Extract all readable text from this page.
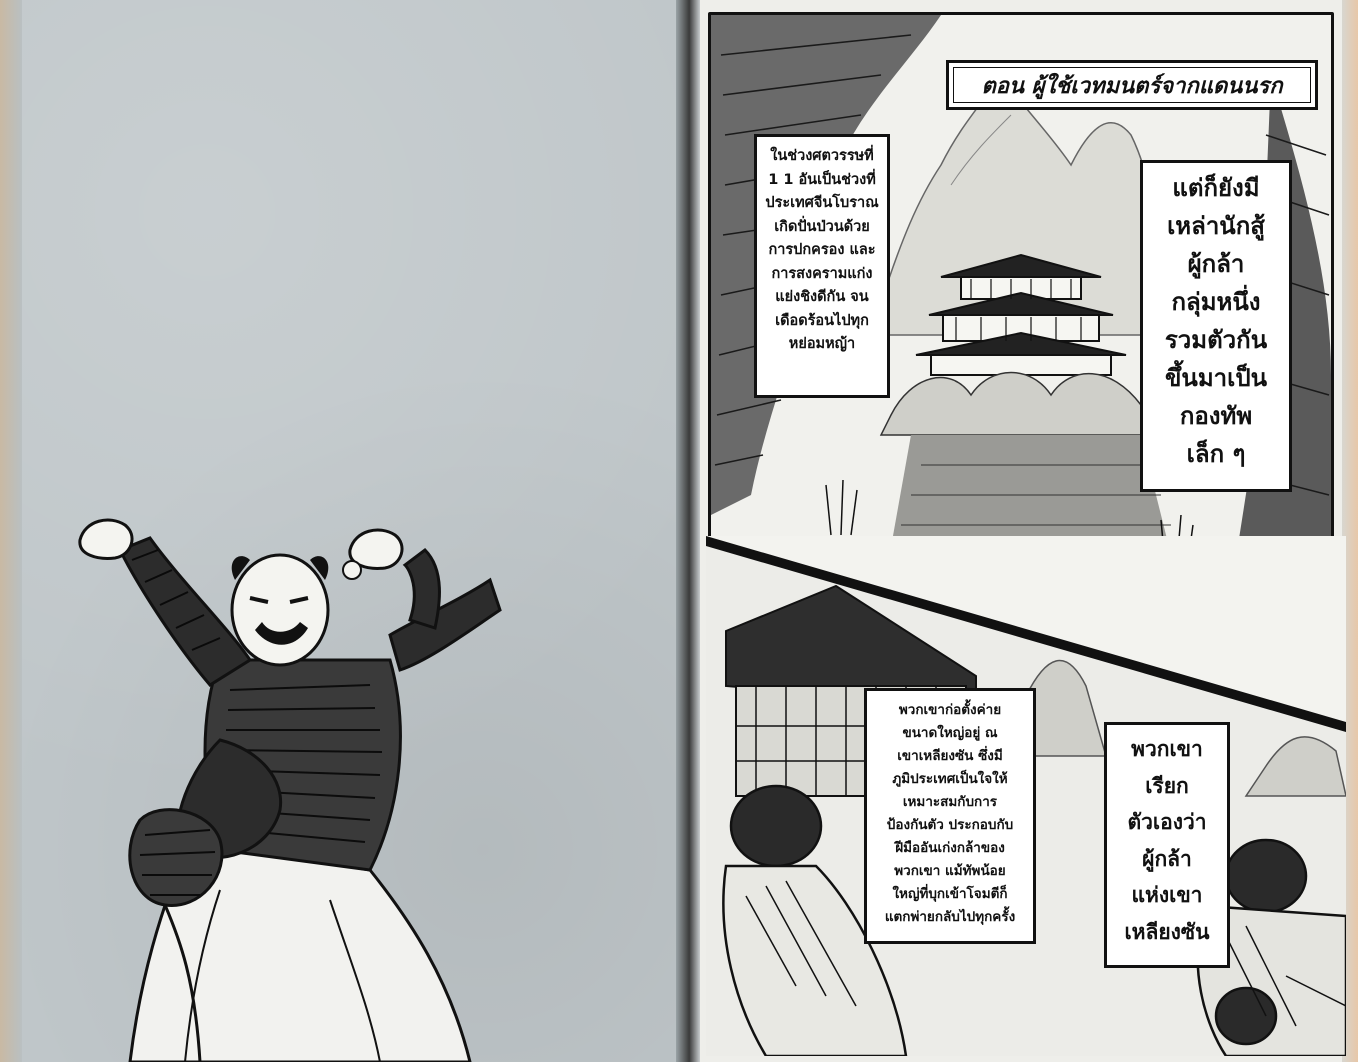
ตอน ผู้ใช้เวทมนตร์จากแดนนรก
ในช่วงศตวรรษที่
1 1 อันเป็นช่วงที่
ประเทศจีนโบราณ
เกิดปั่นป่วนด้วย
การปกครอง และ
การสงครามแก่ง
แย่งชิงดีกัน จน
เดือดร้อนไปทุก
หย่อมหญ้า
แต่ก็ยังมี
เหล่านักสู้
ผู้กล้า
กลุ่มหนึ่ง
รวมตัวกัน
ขึ้นมาเป็น
กองทัพ
เล็ก ๆ
พวกเขาก่อตั้งค่าย
ขนาดใหญ่อยู่ ณ
เขาเหลียงซัน ซึ่งมี
ภูมิประเทศเป็นใจให้
เหมาะสมกับการ
ป้องกันตัว ประกอบกับ
ฝีมืออันเก่งกล้าของ
พวกเขา แม้ทัพน้อย
ใหญ่ที่บุกเข้าโจมตีก็
แตกพ่ายกลับไปทุกครั้ง
พวกเขา
เรียก
ตัวเองว่า
ผู้กล้า
แห่งเขา
เหลียงซัน
